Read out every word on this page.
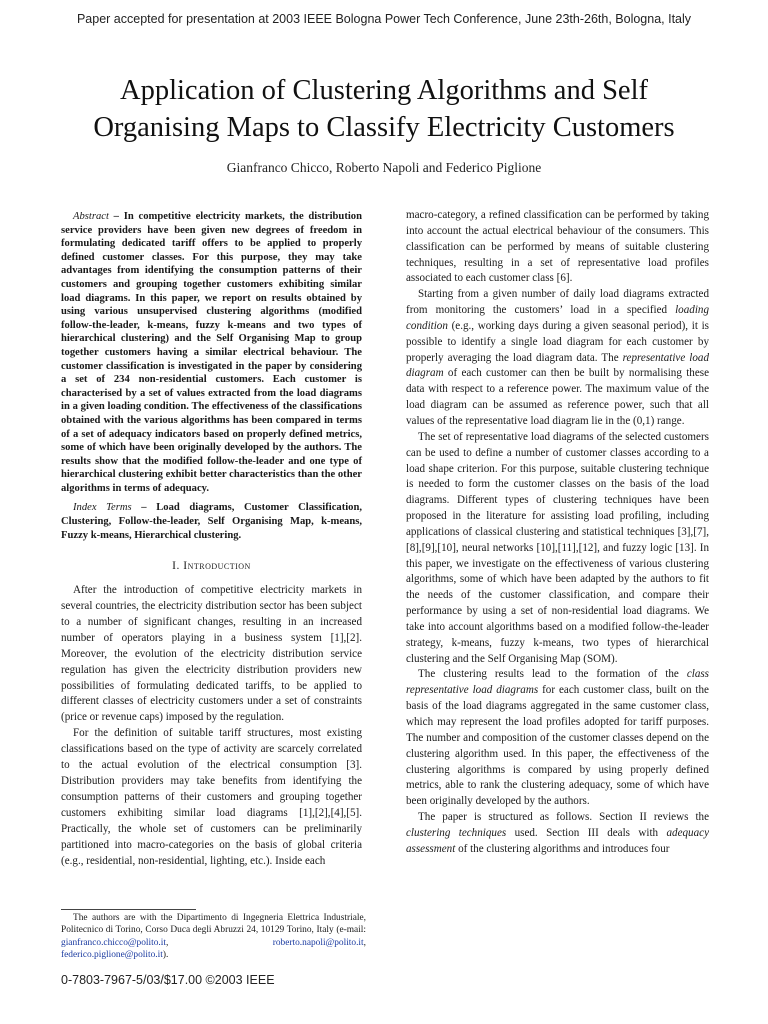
Paper accepted for presentation at 2003 IEEE Bologna Power Tech Conference, June 23th-26th, Bologna, Italy
Application of Clustering Algorithms and Self
Organising Maps to Classify Electricity Customers
Gianfranco Chicco, Roberto Napoli and Federico Piglione

Abstract – In competitive electricity markets, the distribution service providers have been given new degrees of freedom in formulating dedicated tariff offers to be applied to properly defined customer classes. For this purpose, they may take advantages from identifying the consumption patterns of their customers and grouping together customers exhibiting similar load diagrams. In this paper, we report on results obtained by using various unsupervised clustering algorithms (modified follow-the-leader, k-means, fuzzy k-means and two types of hierarchical clustering) and the Self Organising Map to group together customers having a similar electrical behaviour. The customer classification is investigated in the paper by considering a set of 234 non-residential customers. Each customer is characterised by a set of values extracted from the load diagrams in a given loading condition. The effectiveness of the classifications obtained with the various algorithms has been compared in terms of a set of adequacy indicators based on properly defined metrics, some of which have been originally developed by the authors. The results show that the modified follow-the-leader and one type of hierarchical clustering exhibit better characteristics than the other algorithms in terms of adequacy.

Index Terms – Load diagrams, Customer Classification, Clustering, Follow-the-leader, Self Organising Map, k-means, Fuzzy k-means, Hierarchical clustering.

I. Introduction

After the introduction of competitive electricity markets in several countries, the electricity distribution sector has been subject to a number of significant changes, resulting in an increased number of operators playing in a business system [1],[2]. Moreover, the evolution of the electricity distribution service regulation has given the electricity distribution providers new possibilities of formulating dedicated tariffs, to be applied to different classes of electricity customers under a set of constraints (price or revenue caps) imposed by the regulation.

For the definition of suitable tariff structures, most existing classifications based on the type of activity are scarcely correlated to the actual evolution of the electrical consumption [3]. Distribution providers may take benefits from identifying the consumption patterns of their customers and grouping together customers exhibiting similar load diagrams [1],[2],[4],[5]. Practically, the whole set of customers can be preliminarily partitioned into macro-categories on the basis of global criteria (e.g., residential, non-residential, lighting, etc.). Inside each

macro-category, a refined classification can be performed by taking into account the actual electrical behaviour of the consumers. This classification can be performed by means of suitable clustering techniques, resulting in a set of representative load profiles associated to each customer class [6].

Starting from a given number of daily load diagrams extracted from monitoring the customers’ load in a specified loading condition (e.g., working days during a given seasonal period), it is possible to identify a single load diagram for each customer by properly averaging the load diagram data. The representative load diagram of each customer can then be built by normalising these data with respect to a reference power. The maximum value of the load diagram can be assumed as reference power, such that all values of the representative load diagram lie in the (0,1) range.

The set of representative load diagrams of the selected customers can be used to define a number of customer classes according to a load shape criterion. For this purpose, suitable clustering technique is needed to form the customer classes on the basis of the load diagrams. Different types of clustering techniques have been proposed in the literature for assisting load profiling, including applications of classical clustering and statistical techniques [3],[7],[8],[9],[10], neural networks [10],[11],[12], and fuzzy logic [13]. In this paper, we investigate on the effectiveness of various clustering algorithms, some of which have been adapted by the authors to fit the needs of the customer classification, and compare their performance by using a set of non-residential load diagrams. We take into account algorithms based on a modified follow-the-leader strategy, k-means, fuzzy k-means, two types of hierarchical clustering and the Self Organising Map (SOM).

The clustering results lead to the formation of the class representative load diagrams for each customer class, built on the basis of the load diagrams aggregated in the same customer class, which may represent the load profiles adopted for tariff purposes. The number and composition of the customer classes depend on the clustering algorithm used. In this paper, the effectiveness of the clustering algorithms is compared by using properly defined metrics, able to rank the clustering adequacy, some of which have been originally developed by the authors.

The paper is structured as follows. Section II reviews the clustering techniques used. Section III deals with adequacy assessment of the clustering algorithms and introduces four

The authors are with the Dipartimento di Ingegneria Elettrica Industriale, Politecnico di Torino, Corso Duca degli Abruzzi 24, 10129 Torino, Italy (e-mail: gianfranco.chicco@polito.it, roberto.napoli@polito.it, federico.piglione@polito.it).
0-7803-7967-5/03/$17.00 ©2003 IEEE
